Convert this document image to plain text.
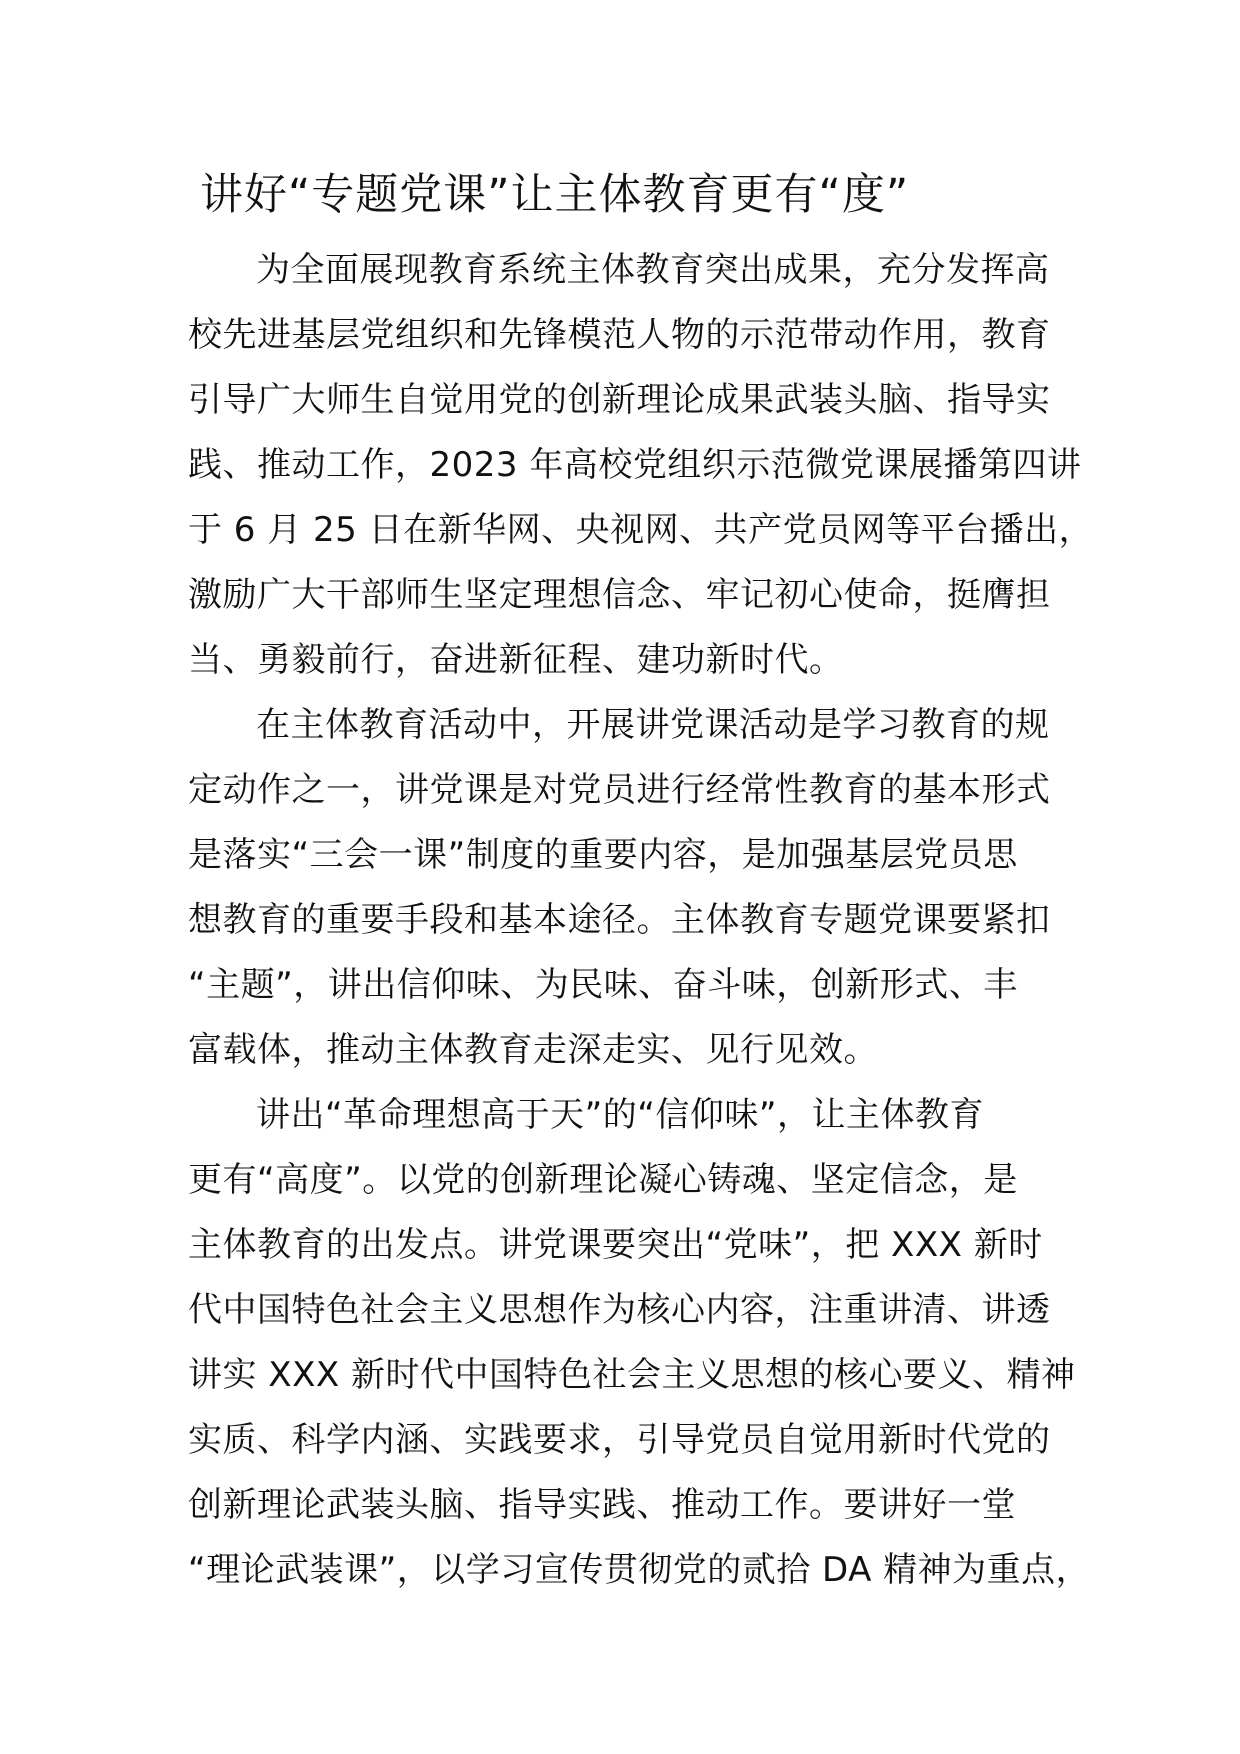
讲好“专题党课”让主体教育更有“度”
为全面展现教育系统主体教育突出成果，充分发挥高
校先进基层党组织和先锋模范人物的示范带动作用，教育
引导广大师生自觉用党的创新理论成果武装头脑、指导实
践、推动工作，2023 年高校党组织示范微党课展播第四讲
于 6 月 25 日在新华网、央视网、共产党员网等平台播出，
激励广大干部师生坚定理想信念、牢记初心使命，挺膺担
当、勇毅前行，奋进新征程、建功新时代。
在主体教育活动中，开展讲党课活动是学习教育的规
定动作之一，讲党课是对党员进行经常性教育的基本形式
是落实“三会一课”制度的重要内容，是加强基层党员思
想教育的重要手段和基本途径。主体教育专题党课要紧扣
“主题”，讲出信仰味、为民味、奋斗味，创新形式、丰
富载体，推动主体教育走深走实、见行见效。
讲出“革命理想高于天”的“信仰味”，让主体教育
更有“高度”。以党的创新理论凝心铸魂、坚定信念，是
主体教育的出发点。讲党课要突出“党味”，把 XXX 新时
代中国特色社会主义思想作为核心内容，注重讲清、讲透
讲实 XXX 新时代中国特色社会主义思想的核心要义、精神
实质、科学内涵、实践要求，引导党员自觉用新时代党的
创新理论武装头脑、指导实践、推动工作。要讲好一堂
“理论武装课”，以学习宣传贯彻党的贰拾 DA 精神为重点，
